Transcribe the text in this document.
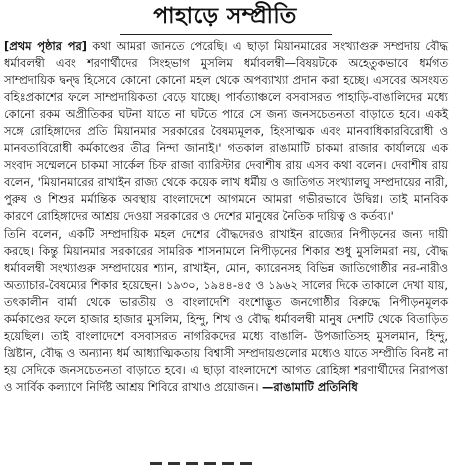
পাহাড়ে সম্প্রীতি

[প্রথম পৃষ্ঠার পর] কথা আমরা জানতে পেরেছি। এ ছাড়া মিয়ানমারের সংখ্যাগুরু সম্প্রদায় বৌদ্ধ ধর্মাবলম্বী এবং শরণার্থীদের সিংহভাগ মুসলিম ধর্মাবলম্বী—বিষয়টকে অহেতুকভাবে ধর্মগত সাম্প্রদায়িক দ্বন্দ্ব হিসেবে কোনো কোনো মহল থেকে অপব্যাখ্যা প্রদান করা হচ্ছে। এসবের অসংযত বহিঃপ্রকাশের ফলে সাম্প্রদায়িকতা বেড়ে যাচ্ছে। পার্বত্যাঞ্চলে বসবাসরত পাহাড়ি-বাঙালিদের মধ্যে কোনো রকম অপ্রীতিকর ঘটনা যাতে না ঘটতে পারে সে জন্য জনসচেতনতা বাড়াতে হবে। একই সঙ্গে রোহিঙ্গাদের প্রতি মিয়ানমার সরকারের বৈষম্যমূলক, হিংসাত্মক এবং মানবাধিকারবিরোধী ও মানবতাবিরোধী কর্মকাণ্ডের তীব্র নিন্দা জানাই।' গতকাল রাঙামাটি চাকমা রাজার কার্যালয়ে এক সংবাদ সম্মেলনে চাকমা সার্কেল চিফ রাজা ব্যারিস্টার দেবাশীষ রায় এসব কথা বলেন। দেবাশীষ রায় বলেন, 'মিয়ানমারের রাখাইন রাজ্য থেকে কয়েক লাখ ধর্মীয় ও জাতিগত সংখ্যালঘু সম্প্রদায়ের নারী, পুরুষ ও শিশুর মর্মান্তিক অবস্থায় বাংলাদেশে আগমনে আমরা গভীরভাবে উদ্বিগ্ন। তাই মানবিক কারণে রোহিঙ্গাদের আশ্রয় দেওয়া সরকারের ও দেশের মানুষের নৈতিক দায়িত্ব ও কর্তব্য।'

তিনি বলেন, একটি সম্প্রদায়িক মহল দেশের বৌদ্ধদেরও রাখাইন রাজ্যের নিপীড়নের জন্য দায়ী করছে। কিন্তু মিয়ানমার সরকারের সামরিক শাসনামলে নিপীড়নের শিকার শুধু মুসলিমরা নয়, বৌদ্ধ ধর্মাবলম্বী সংখ্যাগুরু সম্প্রদায়ের শ্যান, রাখাইন, মোন, ক্যারেনসহ বিভিন্ন জাতিগোষ্ঠীর নর-নারীও অত্যাচার-বৈষম্যের শিকার হয়েছেন। ১৯৩০, ১৯৪৪-৪৫ ও ১৯৬২ সালের দিকে তাকালে দেখা যায়, তৎকালীন বার্মা থেকে ভারতীয় ও বাংলাদেশি বংশোদ্ভূত জনগোষ্ঠীর বিরুদ্ধে নিপীড়নমূলক কর্মকাণ্ডের ফলে হাজার হাজার মুসলিম, হিন্দু, শিখ ও বৌদ্ধ ধর্মাবলম্বী মানুষ দেশটি থেকে বিতাড়িত হয়েছিল। তাই বাংলাদেশে বসবাসরত নাগরিকদের মধ্যে বাঙালি- উপজাতিসহ মুসলমান, হিন্দু, খ্রিষ্টান, বৌদ্ধ ও অন্যান্য ধর্ম আধ্যাত্মিকতায় বিশ্বাসী সম্প্রদায়গুলোর মধ্যেও যাতে সম্প্রীতি বিনষ্ট না হয় সেদিকে জনসচেতনতা বাড়াতে হবে। এ ছাড়া বাংলাদেশে আগত রোহিঙ্গা শরণার্থীদের নিরাপত্তা ও সার্বিক কল্যাণে নির্দিষ্ট আশ্রয় শিবিরে রাখাও প্রয়োজন। —রাঙামাটি প্রতিনিধি
